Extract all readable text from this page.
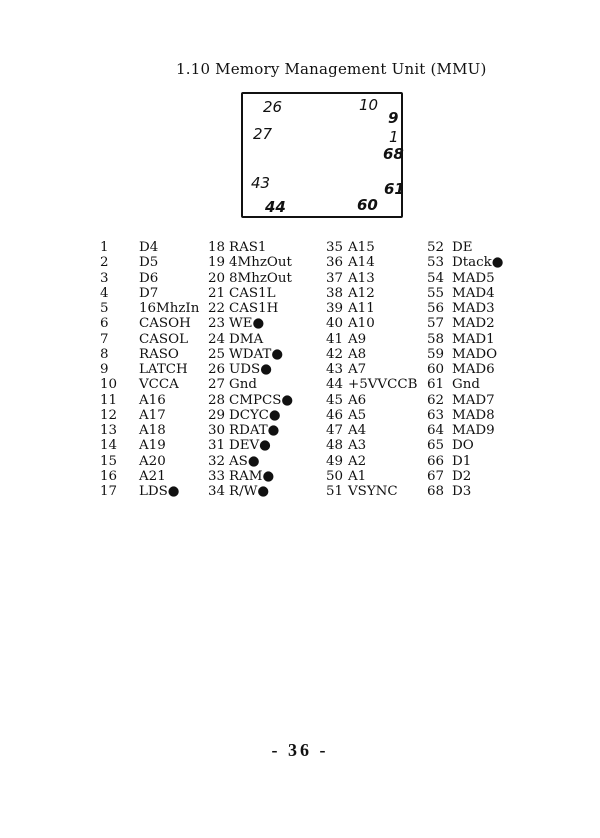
1.10 Memory Management Unit (MMU)
26	10
9
27	1
68
43	61
44	60
1 D4	18 RAS1	35 A15	52 DE
2 D5	19 4MhzOut	36 A14	53 Dtack●
3 D6	20 8MhzOut	37 A13	54 MAD5
4 D7	21 CAS1L	38 A12	55 MAD4
5 16MhzIn 22 CAS1H	39 A11	56 MAD3
6 CASOH 23 WE●	40 A10	57 MAD2
7 CASOL 24 DMA	41 A9	58 MAD1
8 RASO 25 WDAT●	42 A8	59 MADO
9 LATCH 26 UDS●	43 A7	60 MAD6
10 VCCA 27 Gnd	44 +5VVCCB 61 Gnd
11 A16	28 CMPCS● 45 A6	62 MAD7
12 A17	29 DCYC●	46 A5	63 MAD8
13 A18	30 RDAT●	47 A4	64 MAD9
14 A19	31 DEV●	48 A3	65 DO
15 A20	32 AS●	49 A2	66 D1
16 A21	33 RAM●	50 A1	67 D2
17 LDS● 34 R/W●	51 VSYNC 68 D3
- 36 -
